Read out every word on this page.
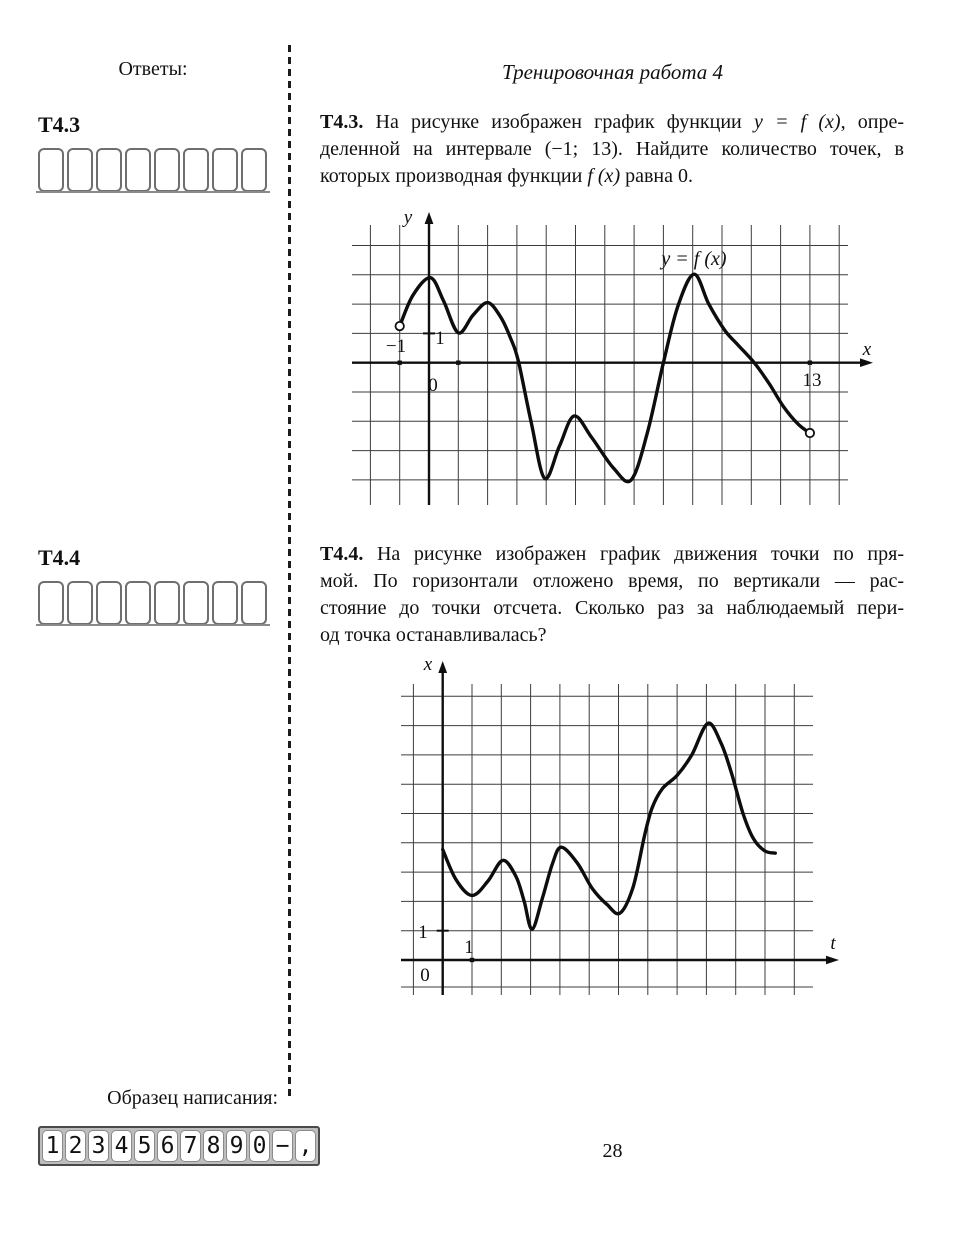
Ответы:
Т4.3
Т4.4
Образец написания:
1 2 3 4 5 6 7 8 9 0 − ,
Тренировочная работа 4
Т4.3. На рисунке изображен график функции y = f (x), опре-
деленной на интервале (−1; 13). Найдите количество точек, в
которых производная функции f (x) равна 0.
y
x
y = f (x)
−1
13
1
0
Т4.4. На рисунке изображен график движения точки по пря-
мой. По горизонтали отложено время, по вертикали — рас-
стояние до точки отсчета. Сколько раз за наблюдаемый пери-
од точка останавливалась?
x
t
1
1
0
28
